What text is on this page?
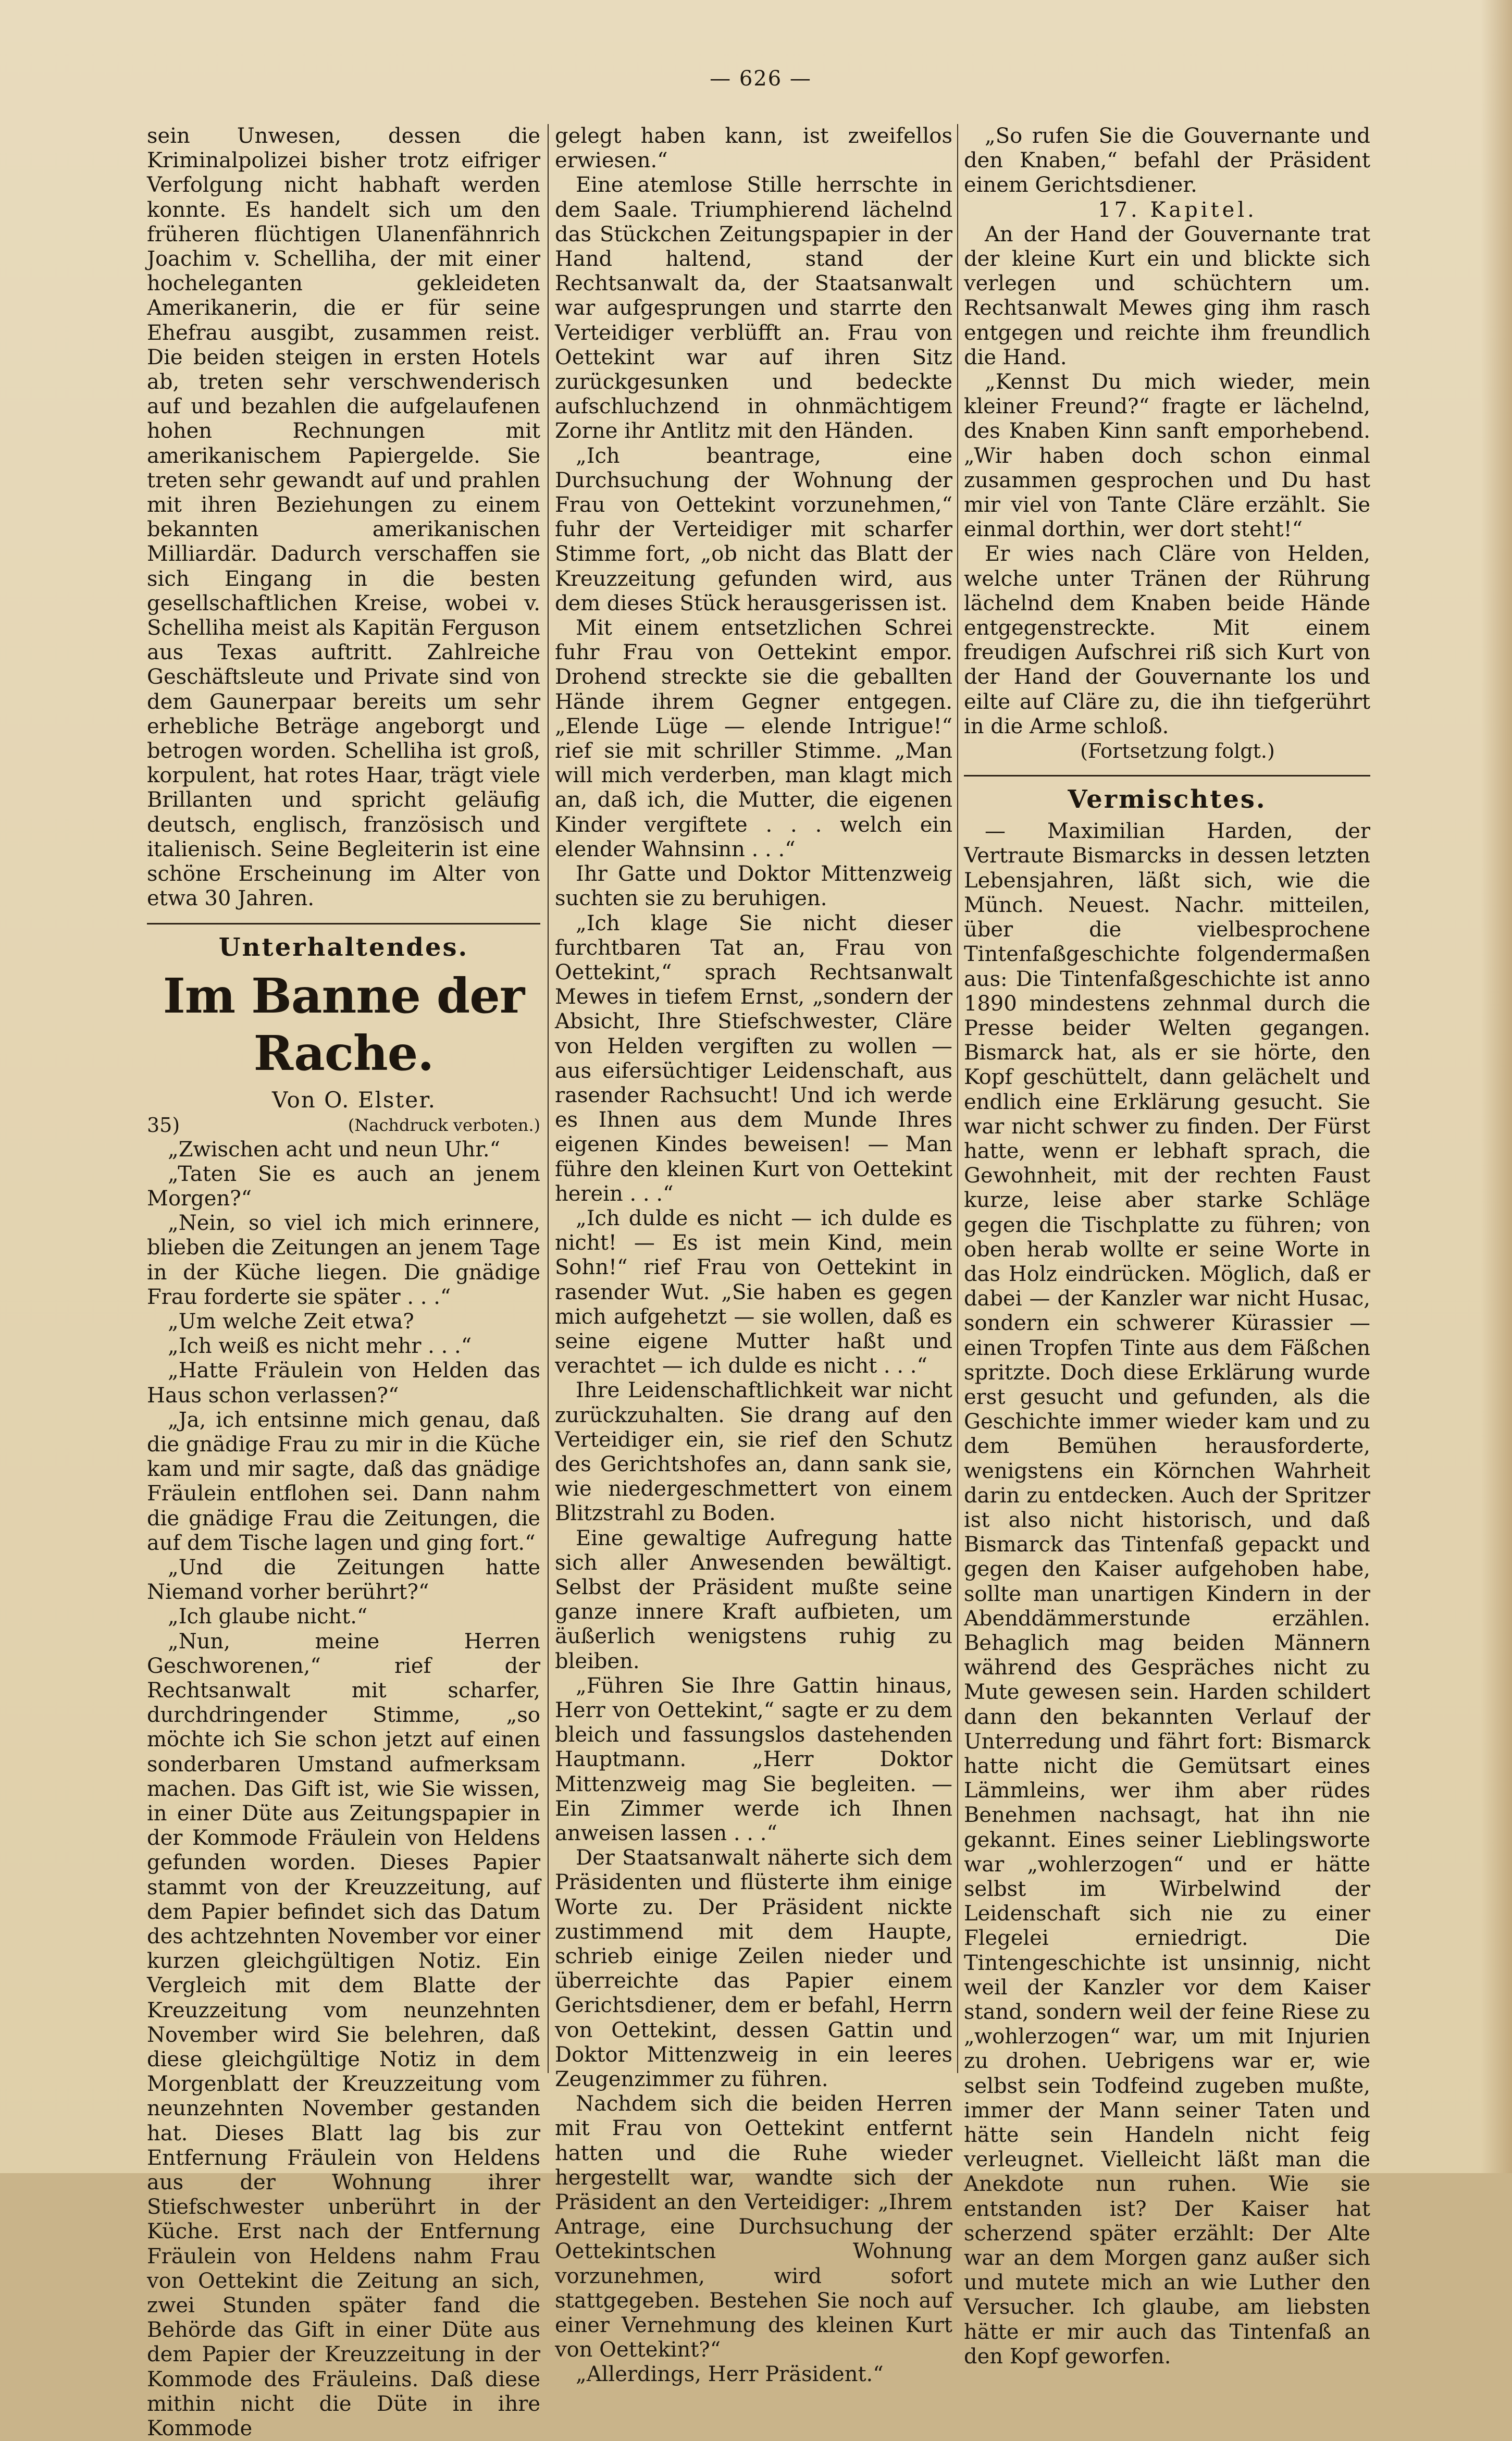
— 626 —

sein Unwesen, dessen die Kriminalpolizei bisher trotz eifriger Verfolgung nicht habhaft werden konnte. Es handelt sich um den früheren flüchtigen Ulanenfähnrich Joachim v. Schelliha, der mit einer hocheleganten gekleideten Amerikanerin, die er für seine Ehefrau ausgibt, zusammen reist. Die beiden steigen in ersten Hotels ab, treten sehr verschwenderisch auf und bezahlen die aufgelaufenen hohen Rechnungen mit amerikanischem Papiergelde. Sie treten sehr gewandt auf und prahlen mit ihren Beziehungen zu einem bekannten amerikanischen Milliardär. Dadurch verschaffen sie sich Eingang in die besten gesellschaftlichen Kreise, wobei v. Schelliha meist als Kapitän Ferguson aus Texas auftritt. Zahlreiche Geschäftsleute und Private sind von dem Gaunerpaar bereits um sehr erhebliche Beträge angeborgt und betrogen worden. Schelliha ist groß, korpulent, hat rotes Haar, trägt viele Brillanten und spricht geläufig deutsch, englisch, französisch und italienisch. Seine Begleiterin ist eine schöne Erscheinung im Alter von etwa 30 Jahren.

Unterhaltendes.
Im Banne der Rache.

Von O. Elster.

35)	(Nachdruck verboten.)

„Zwischen acht und neun Uhr.“

„Taten Sie es auch an jenem Morgen?“

„Nein, so viel ich mich erinnere, blieben die Zeitungen an jenem Tage in der Küche liegen. Die gnädige Frau forderte sie später . . .“

„Um welche Zeit etwa?

„Ich weiß es nicht mehr . . .“

„Hatte Fräulein von Helden das Haus schon verlassen?“

„Ja, ich entsinne mich genau, daß die gnädige Frau zu mir in die Küche kam und mir sagte, daß das gnädige Fräulein entflohen sei. Dann nahm die gnädige Frau die Zeitungen, die auf dem Tische lagen und ging fort.“

„Und die Zeitungen hatte Niemand vorher berührt?“

„Ich glaube nicht.“

„Nun, meine Herren Geschworenen,“ rief der Rechtsanwalt mit scharfer, durchdringender Stimme, „so möchte ich Sie schon jetzt auf einen sonderbaren Umstand aufmerksam machen. Das Gift ist, wie Sie wissen, in einer Düte aus Zeitungspapier in der Kommode Fräulein von Heldens gefunden worden. Dieses Papier stammt von der Kreuzzeitung, auf dem Papier befindet sich das Datum des achtzehnten November vor einer kurzen gleichgültigen Notiz. Ein Vergleich mit dem Blatte der Kreuzzeitung vom neunzehnten November wird Sie belehren, daß diese gleichgültige Notiz in dem Morgenblatt der Kreuzzeitung vom neunzehnten November gestanden hat. Dieses Blatt lag bis zur Entfernung Fräulein von Heldens aus der Wohnung ihrer Stiefschwester unberührt in der Küche. Erst nach der Entfernung Fräulein von Heldens nahm Frau von Oettekint die Zeitung an sich, zwei Stunden später fand die Behörde das Gift in einer Düte aus dem Papier der Kreuzzeitung in der Kommode des Fräuleins. Daß diese mithin nicht die Düte in ihre Kommode

gelegt haben kann, ist zweifellos erwiesen.“

Eine atemlose Stille herrschte in dem Saale. Triumphierend lächelnd das Stückchen Zeitungspapier in der Hand haltend, stand der Rechtsanwalt da, der Staatsanwalt war aufgesprungen und starrte den Verteidiger verblüfft an. Frau von Oettekint war auf ihren Sitz zurückgesunken und bedeckte aufschluchzend in ohnmächtigem Zorne ihr Antlitz mit den Händen.

„Ich beantrage, eine Durchsuchung der Wohnung der Frau von Oettekint vorzunehmen,“ fuhr der Verteidiger mit scharfer Stimme fort, „ob nicht das Blatt der Kreuzzeitung gefunden wird, aus dem dieses Stück herausgerissen ist.

Mit einem entsetzlichen Schrei fuhr Frau von Oettekint empor. Drohend streckte sie die geballten Hände ihrem Gegner entgegen. „Elende Lüge — elende Intrigue!“ rief sie mit schriller Stimme. „Man will mich verderben, man klagt mich an, daß ich, die Mutter, die eigenen Kinder vergiftete . . . welch ein elender Wahnsinn . . .“

Ihr Gatte und Doktor Mittenzweig suchten sie zu beruhigen.

„Ich klage Sie nicht dieser furchtbaren Tat an, Frau von Oettekint,“ sprach Rechtsanwalt Mewes in tiefem Ernst, „sondern der Absicht, Ihre Stiefschwester, Cläre von Helden vergiften zu wollen — aus eifersüchtiger Leidenschaft, aus rasender Rachsucht! Und ich werde es Ihnen aus dem Munde Ihres eigenen Kindes beweisen! — Man führe den kleinen Kurt von Oettekint herein . . .“

„Ich dulde es nicht — ich dulde es nicht! — Es ist mein Kind, mein Sohn!“ rief Frau von Oettekint in rasender Wut. „Sie haben es gegen mich aufgehetzt — sie wollen, daß es seine eigene Mutter haßt und verachtet — ich dulde es nicht . . .“

Ihre Leidenschaftlichkeit war nicht zurückzuhalten. Sie drang auf den Verteidiger ein, sie rief den Schutz des Gerichtshofes an, dann sank sie, wie niedergeschmettert von einem Blitzstrahl zu Boden.

Eine gewaltige Aufregung hatte sich aller Anwesenden bewältigt. Selbst der Präsident mußte seine ganze innere Kraft aufbieten, um äußerlich wenigstens ruhig zu bleiben.

„Führen Sie Ihre Gattin hinaus, Herr von Oettekint,“ sagte er zu dem bleich und fassungslos dastehenden Hauptmann. „Herr Doktor Mittenzweig mag Sie begleiten. — Ein Zimmer werde ich Ihnen anweisen lassen . . .“

Der Staatsanwalt näherte sich dem Präsidenten und flüsterte ihm einige Worte zu. Der Präsident nickte zustimmend mit dem Haupte, schrieb einige Zeilen nieder und überreichte das Papier einem Gerichtsdiener, dem er befahl, Herrn von Oettekint, dessen Gattin und Doktor Mittenzweig in ein leeres Zeugenzimmer zu führen.

Nachdem sich die beiden Herren mit Frau von Oettekint entfernt hatten und die Ruhe wieder hergestellt war, wandte sich der Präsident an den Verteidiger: „Ihrem Antrage, eine Durchsuchung der Oettekintschen Wohnung vorzunehmen, wird sofort stattgegeben. Bestehen Sie noch auf einer Vernehmung des kleinen Kurt von Oettekint?“

„Allerdings, Herr Präsident.“

„So rufen Sie die Gouvernante und den Knaben,“ befahl der Präsident einem Gerichtsdiener.

17. Kapitel.

An der Hand der Gouvernante trat der kleine Kurt ein und blickte sich verlegen und schüchtern um. Rechtsanwalt Mewes ging ihm rasch entgegen und reichte ihm freundlich die Hand.

„Kennst Du mich wieder, mein kleiner Freund?“ fragte er lächelnd, des Knaben Kinn sanft emporhebend. „Wir haben doch schon einmal zusammen gesprochen und Du hast mir viel von Tante Cläre erzählt. Sie einmal dorthin, wer dort steht!“

Er wies nach Cläre von Helden, welche unter Tränen der Rührung lächelnd dem Knaben beide Hände entgegenstreckte. Mit einem freudigen Aufschrei riß sich Kurt von der Hand der Gouvernante los und eilte auf Cläre zu, die ihn tiefgerührt in die Arme schloß.

(Fortsetzung folgt.)

Vermischtes.

— Maximilian Harden, der Vertraute Bismarcks in dessen letzten Lebensjahren, läßt sich, wie die Münch. Neuest. Nachr. mitteilen, über die vielbesprochene Tintenfaßgeschichte folgendermaßen aus: Die Tintenfaßgeschichte ist anno 1890 mindestens zehnmal durch die Presse beider Welten gegangen. Bismarck hat, als er sie hörte, den Kopf geschüttelt, dann gelächelt und endlich eine Erklärung gesucht. Sie war nicht schwer zu finden. Der Fürst hatte, wenn er lebhaft sprach, die Gewohnheit, mit der rechten Faust kurze, leise aber starke Schläge gegen die Tischplatte zu führen; von oben herab wollte er seine Worte in das Holz eindrücken. Möglich, daß er dabei — der Kanzler war nicht Husac, sondern ein schwerer Kürassier — einen Tropfen Tinte aus dem Fäßchen spritzte. Doch diese Erklärung wurde erst gesucht und gefunden, als die Geschichte immer wieder kam und zu dem Bemühen herausforderte, wenigstens ein Körnchen Wahrheit darin zu entdecken. Auch der Spritzer ist also nicht historisch, und daß Bismarck das Tintenfaß gepackt und gegen den Kaiser aufgehoben habe, sollte man unartigen Kindern in der Abenddämmerstunde erzählen. Behaglich mag beiden Männern während des Gespräches nicht zu Mute gewesen sein. Harden schildert dann den bekannten Verlauf der Unterredung und fährt fort: Bismarck hatte nicht die Gemütsart eines Lämmleins, wer ihm aber rüdes Benehmen nachsagt, hat ihn nie gekannt. Eines seiner Lieblingsworte war „wohlerzogen“ und er hätte selbst im Wirbelwind der Leidenschaft sich nie zu einer Flegelei erniedrigt. Die Tintengeschichte ist unsinnig, nicht weil der Kanzler vor dem Kaiser stand, sondern weil der feine Riese zu „wohlerzogen“ war, um mit Injurien zu drohen. Uebrigens war er, wie selbst sein Todfeind zugeben mußte, immer der Mann seiner Taten und hätte sein Handeln nicht feig verleugnet. Vielleicht läßt man die Anekdote nun ruhen. Wie sie entstanden ist? Der Kaiser hat scherzend später erzählt: Der Alte war an dem Morgen ganz außer sich und mutete mich an wie Luther den Versucher. Ich glaube, am liebsten hätte er mir auch das Tintenfaß an den Kopf geworfen.
